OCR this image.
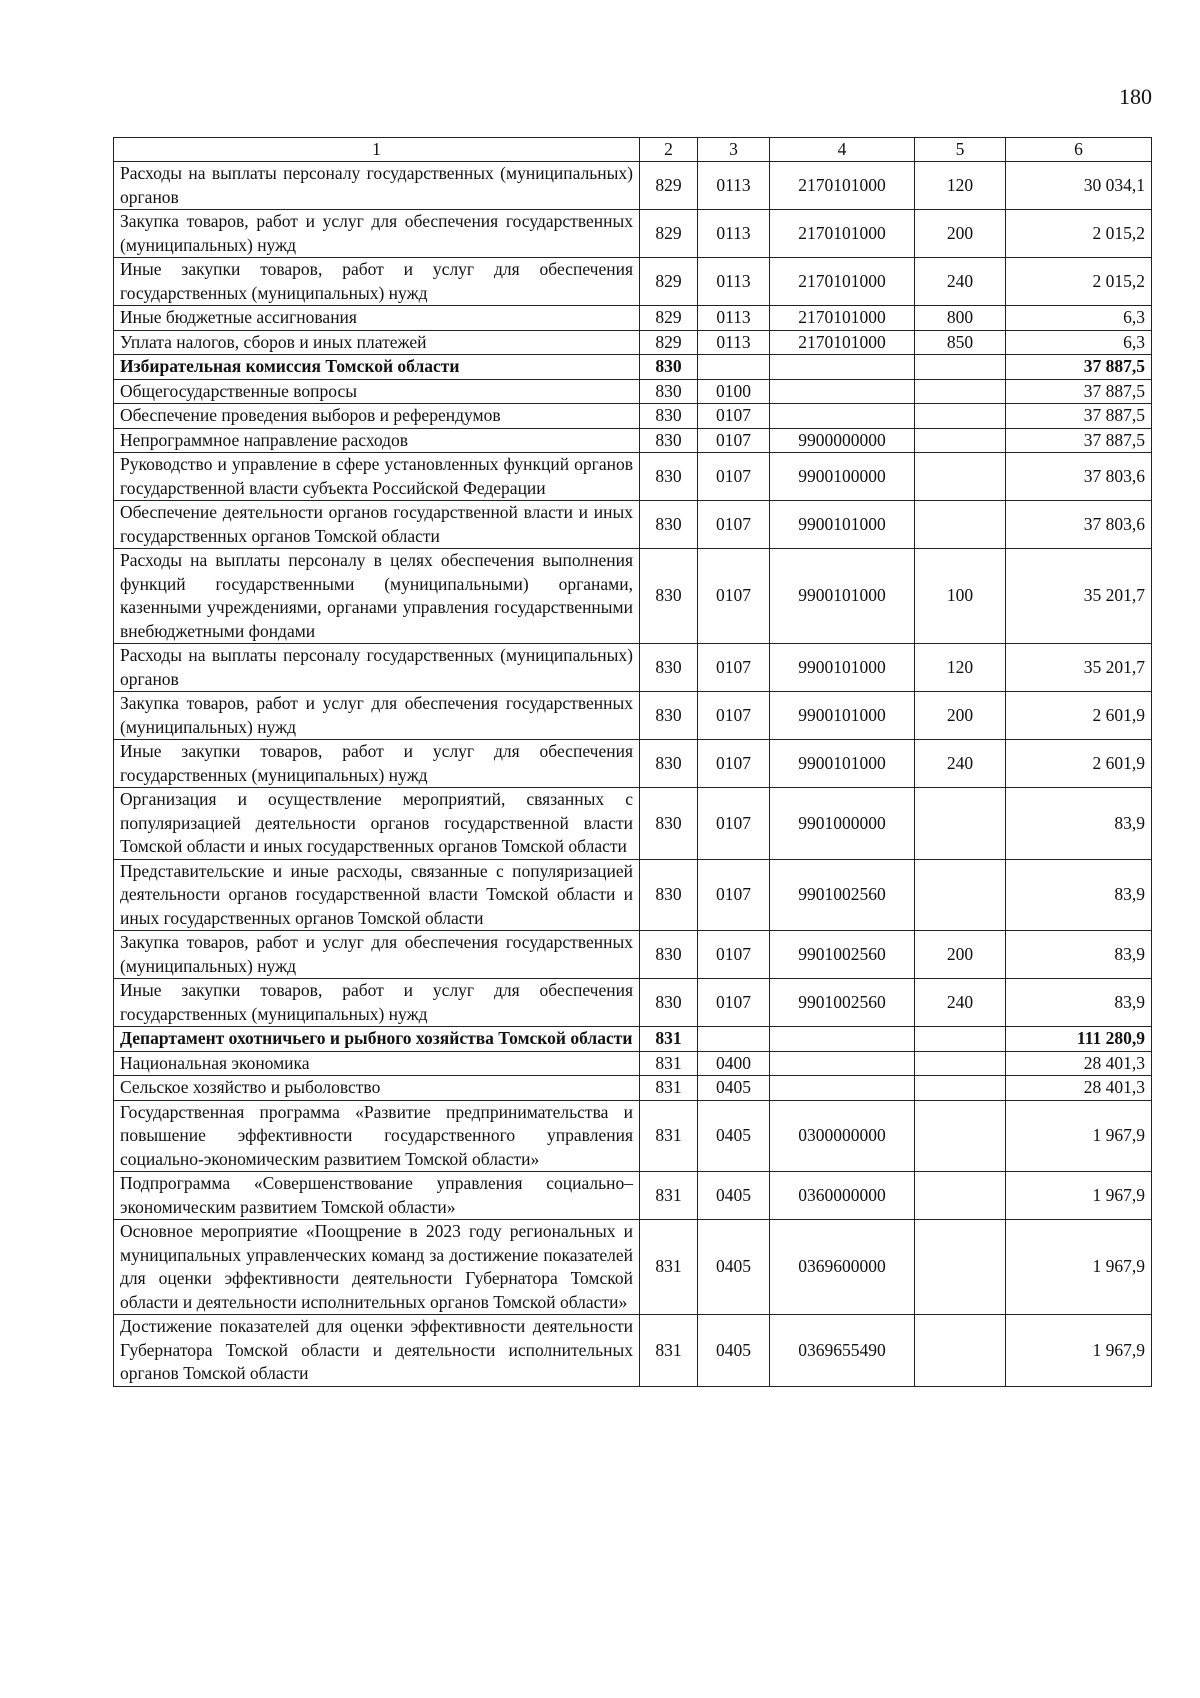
180
1	2	3	4	5	6
Расходы на выплаты персоналу государственных (муниципальных) органов	829	0113	2170101000	120	30 034,1
Закупка товаров, работ и услуг для обеспечения государственных (муниципальных) нужд	829	0113	2170101000	200	2 015,2
Иные закупки товаров, работ и услуг для обеспечения государственных (муниципальных) нужд	829	0113	2170101000	240	2 015,2
Иные бюджетные ассигнования	829	0113	2170101000	800	6,3
Уплата налогов, сборов и иных платежей	829	0113	2170101000	850	6,3
Избирательная комиссия Томской области	830				37 887,5
Общегосударственные вопросы	830	0100			37 887,5
Обеспечение проведения выборов и референдумов	830	0107			37 887,5
Непрограммное направление расходов	830	0107	9900000000		37 887,5
Руководство и управление в сфере установленных функций органов государственной власти субъекта Российской Федерации	830	0107	9900100000		37 803,6
Обеспечение деятельности органов государственной власти и иных государственных органов Томской области	830	0107	9900101000		37 803,6
Расходы на выплаты персоналу в целях обеспечения выполнения функций государственными (муниципальными) органами, казенными учреждениями, органами управления государственными внебюджетными фондами	830	0107	9900101000	100	35 201,7
Расходы на выплаты персоналу государственных (муниципальных) органов	830	0107	9900101000	120	35 201,7
Закупка товаров, работ и услуг для обеспечения государственных (муниципальных) нужд	830	0107	9900101000	200	2 601,9
Иные закупки товаров, работ и услуг для обеспечения государственных (муниципальных) нужд	830	0107	9900101000	240	2 601,9
Организация и осуществление мероприятий, связанных с популяризацией деятельности органов государственной власти Томской области и иных государственных органов Томской области	830	0107	9901000000		83,9
Представительские и иные расходы, связанные с популяризацией деятельности органов государственной власти Томской области и иных государственных органов Томской области	830	0107	9901002560		83,9
Закупка товаров, работ и услуг для обеспечения государственных (муниципальных) нужд	830	0107	9901002560	200	83,9
Иные закупки товаров, работ и услуг для обеспечения государственных (муниципальных) нужд	830	0107	9901002560	240	83,9
Департамент охотничьего и рыбного хозяйства Томской области	831				111 280,9
Национальная экономика	831	0400			28 401,3
Сельское хозяйство и рыболовство	831	0405			28 401,3
Государственная программа «Развитие предпринимательства и повышение эффективности государственного управления социально-экономическим развитием Томской области»	831	0405	0300000000		1 967,9
Подпрограмма «Совершенствование управления социально–экономическим развитием Томской области»	831	0405	0360000000		1 967,9
Основное мероприятие «Поощрение в 2023 году региональных и муниципальных управленческих команд за достижение показателей для оценки эффективности деятельности Губернатора Томской области и деятельности исполнительных органов Томской области»	831	0405	0369600000		1 967,9
Достижение показателей для оценки эффективности деятельности Губернатора Томской области и деятельности исполнительных органов Томской области	831	0405	0369655490		1 967,9
